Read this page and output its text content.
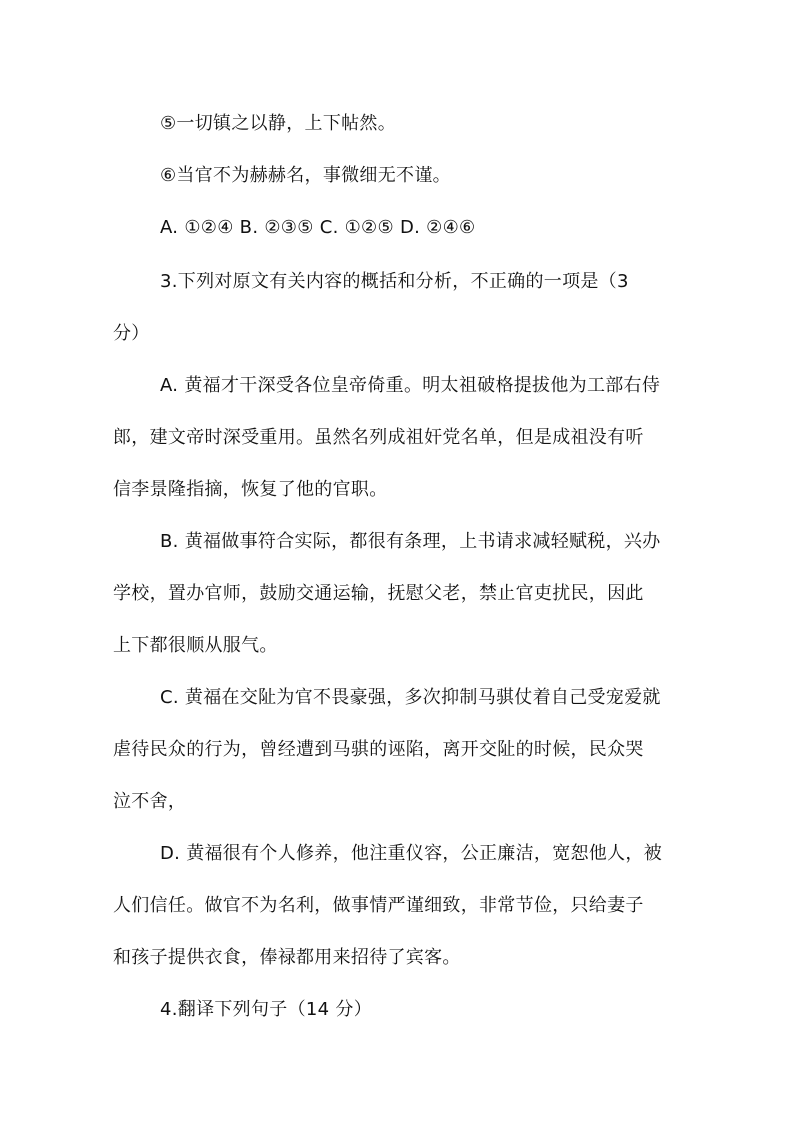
⑤一切镇之以静，上下帖然。
⑥当官不为赫赫名，事微细无不谨。
A. ①②④ B. ②③⑤ C. ①②⑤ D. ②④⑥
3.下列对原文有关内容的概括和分析，不正确的一项是（3
分）
A. 黄福才干深受各位皇帝倚重。明太祖破格提拔他为工部右侍
郎，建文帝时深受重用。虽然名列成祖奸党名单，但是成祖没有听
信李景隆指摘，恢复了他的官职。
B. 黄福做事符合实际，都很有条理，上书请求减轻赋税，兴办
学校，置办官师，鼓励交通运输，抚慰父老，禁止官吏扰民，因此
上下都很顺从服气。
C. 黄福在交阯为官不畏豪强，多次抑制马骐仗着自己受宠爱就
虐待民众的行为，曾经遭到马骐的诬陷，离开交阯的时候，民众哭
泣不舍，
D. 黄福很有个人修养，他注重仪容，公正廉洁，宽恕他人，被
人们信任。做官不为名利，做事情严谨细致，非常节俭，只给妻子
和孩子提供衣食，俸禄都用来招待了宾客。
4.翻译下列句子（14 分）
